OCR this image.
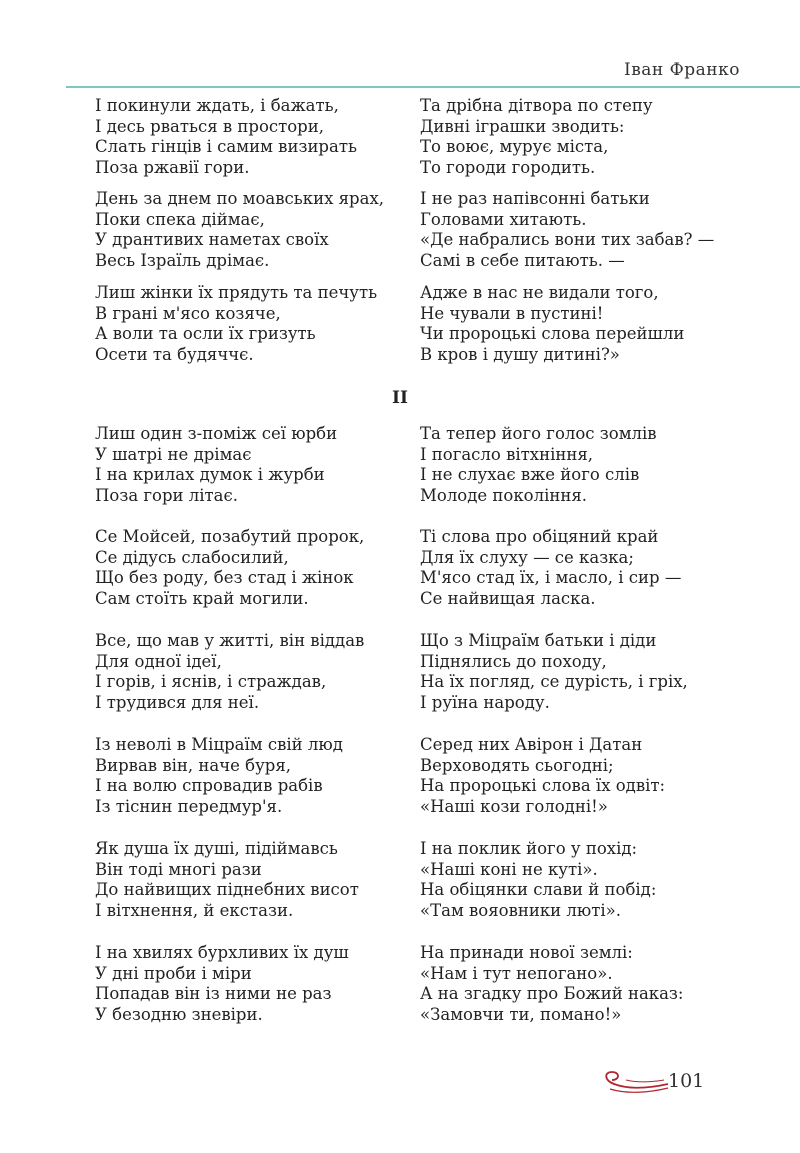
Іван Франко
І покинули ждать, і бажать,
І десь рваться в простори,
Слать гінців і самим визирать
Поза ржавії гори.
День за днем по моавських ярах,
Поки спека діймає,
У дрантивих наметах своїх
Весь Ізраїль дрімає.
Лиш жінки їх прядуть та печуть
В грані м'ясо козяче,
А воли та осли їх гризуть
Осети та будяччє.
Лиш один з-поміж сеї юрби
У шатрі не дрімає
І на крилах думок і журби
Поза гори літає.
Се Мойсей, позабутий пророк,
Се дідусь слабосилий,
Що без роду, без стад і жінок
Сам стоїть край могили.
Все, що мав у житті, він віддав
Для одної ідеї,
І горів, і яснів, і страждав,
І трудився для неї.
Із неволі в Міцраїм свій люд
Вирвав він, наче буря,
І на волю спровадив рабів
Із тіснин передмур'я.
Як душа їх душі, підіймавсь
Він тоді многі рази
До найвищих піднебних висот
І вітхнення, й екстази.
І на хвилях бурхливих їх душ
У дні проби і міри
Попадав він із ними не раз
У безодню зневіри.
Та дрібна дітвора по степу
Дивні іграшки зводить:
То воює, мурує міста,
То городи городить.
І не раз напівсонні батьки
Головами хитають.
«Де набрались вони тих забав? —
Самі в себе питають. —
Адже в нас не видали того,
Не чували в пустині!
Чи пророцькі слова перейшли
В кров і душу дитині?»
Та тепер його голос зомлів
І погасло вітхніння,
І не слухає вже його слів
Молоде покоління.
Ті слова про обіцяний край
Для їх слуху — се казка;
М'ясо стад їх, і масло, і сир —
Се найвищая ласка.
Що з Міцраїм батьки і діди
Піднялись до походу,
На їх погляд, се дурість, і гріх,
І руїна народу.
Серед них Авірон і Датан
Верховодять сьогодні;
На пророцькі слова їх одвіт:
«Наші кози голодні!»
І на поклик його у похід:
«Наші коні не куті».
На обіцянки слави й побід:
«Там вояовники люті».
На принади нової землі:
«Нам і тут непогано».
А на згадку про Божий наказ:
«Замовчи ти, помано!»
II
101
